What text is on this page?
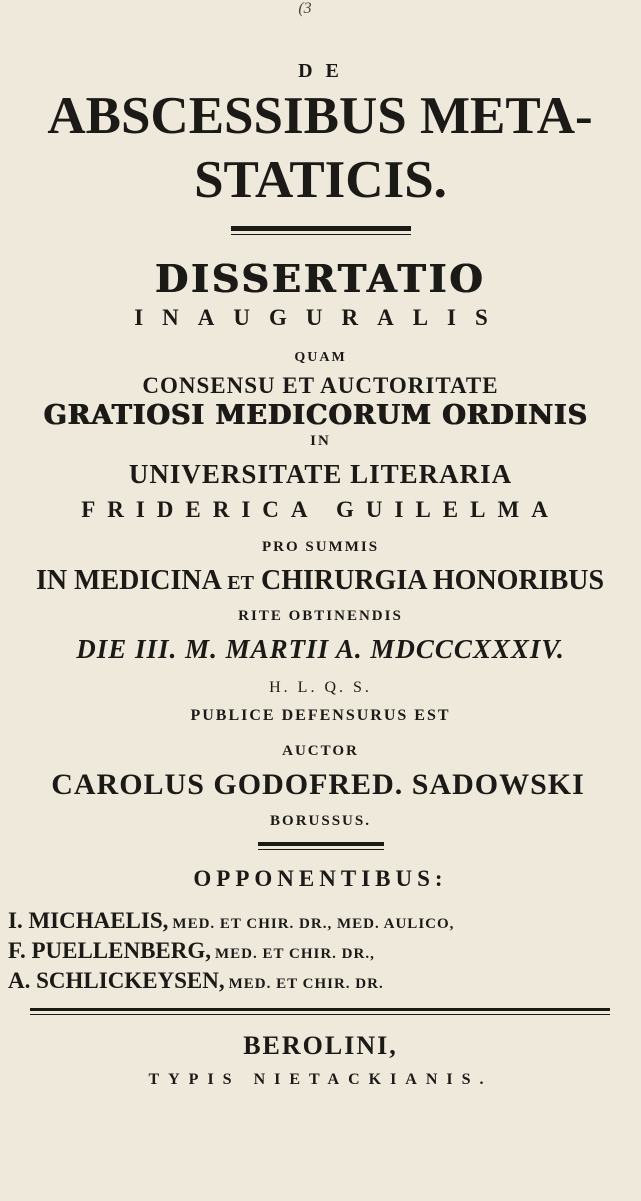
(3
D E
ABSCESSIBUS META-
STATICIS.
DISSERTATIO
INAUGURALIS
QUAM
CONSENSU ET AUCTORITATE
GRATIOSI MEDICORUM ORDINIS
IN
UNIVERSITATE LITERARIA
FRIDERICA GUILELMA
PRO SUMMIS
IN MEDICINA ET CHIRURGIA HONORIBUS
RITE OBTINENDIS
DIE III. M. MARTII A. MDCCCXXXIV.
H. L. Q. S.
PUBLICE DEFENSURUS EST
AUCTOR
CAROLUS GODOFRED. SADOWSKI
BORUSSUS.
OPPONENTIBUS:
I. MICHAELIS, MED. ET CHIR. DR., MED. AULICO,
F. PUELLENBERG, MED. ET CHIR. DR.,
A. SCHLICKEYSEN, MED. ET CHIR. DR.
BEROLINI,
TYPIS NIETACKIANIS.
